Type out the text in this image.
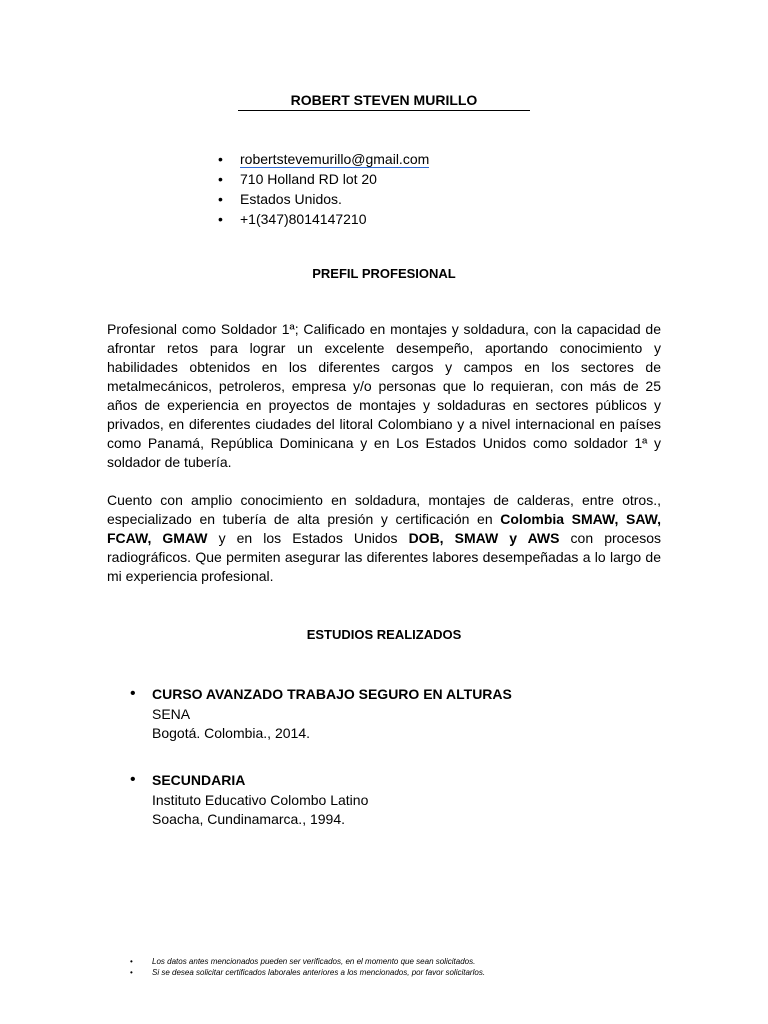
ROBERT STEVEN MURILLO
• robertstevemurillo@gmail.com
• 710 Holland RD lot 20
• Estados Unidos.
• +1(347)8014147210
PREFIL PROFESIONAL

Profesional como Soldador 1ª; Calificado en montajes y soldadura, con la capacidad de afrontar retos para lograr un excelente desempeño, aportando conocimiento y habilidades obtenidos en los diferentes cargos y campos en los sectores de metalmecánicos, petroleros, empresa y/o personas que lo requieran, con más de 25 años de experiencia en proyectos de montajes y soldaduras en sectores públicos y privados, en diferentes ciudades del litoral Colombiano y a nivel internacional en países como Panamá, República Dominicana y en Los Estados Unidos como soldador 1ª y soldador de tubería.

Cuento con amplio conocimiento en soldadura, montajes de calderas, entre otros., especializado en tubería de alta presión y certificación en Colombia SMAW, SAW, FCAW, GMAW y en los Estados Unidos DOB, SMAW y AWS con procesos radiográficos. Que permiten asegurar las diferentes labores desempeñadas a lo largo de mi experiencia profesional.

ESTUDIOS REALIZADOS
• CURSO AVANZADO TRABAJO SEGURO EN ALTURAS
SENA
Bogotá. Colombia., 2014.
• SECUNDARIA
Instituto Educativo Colombo Latino
Soacha, Cundinamarca., 1994.
• Los datos antes mencionados pueden ser verificados, en el momento que sean solicitados.
• Si se desea solicitar certificados laborales anteriores a los mencionados, por favor solicitarlos.
